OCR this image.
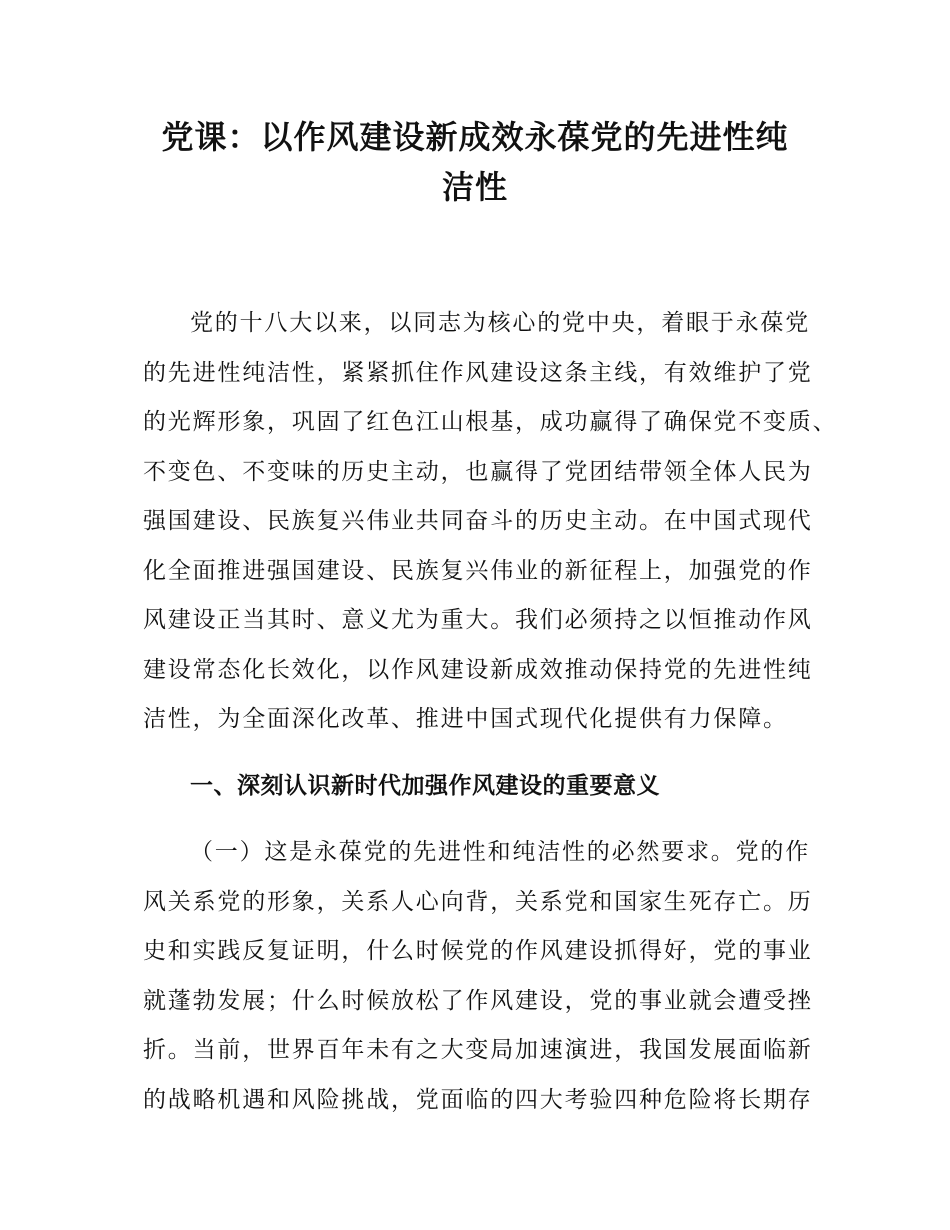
党课：以作风建设新成效永葆党的先进性纯
洁性

党的十八大以来，以同志为核心的党中央，着眼于永葆党

的先进性纯洁性，紧紧抓住作风建设这条主线，有效维护了党

的光辉形象，巩固了红色江山根基，成功赢得了确保党不变质、

不变色、不变味的历史主动，也赢得了党团结带领全体人民为

强国建设、民族复兴伟业共同奋斗的历史主动。在中国式现代

化全面推进强国建设、民族复兴伟业的新征程上，加强党的作

风建设正当其时、意义尤为重大。我们必须持之以恒推动作风

建设常态化长效化，以作风建设新成效推动保持党的先进性纯

洁性，为全面深化改革、推进中国式现代化提供有力保障。

一、深刻认识新时代加强作风建设的重要意义

（一）这是永葆党的先进性和纯洁性的必然要求。党的作

风关系党的形象，关系人心向背，关系党和国家生死存亡。历

史和实践反复证明，什么时候党的作风建设抓得好，党的事业

就蓬勃发展；什么时候放松了作风建设，党的事业就会遭受挫

折。当前，世界百年未有之大变局加速演进，我国发展面临新

的战略机遇和风险挑战，党面临的四大考验四种危险将长期存
